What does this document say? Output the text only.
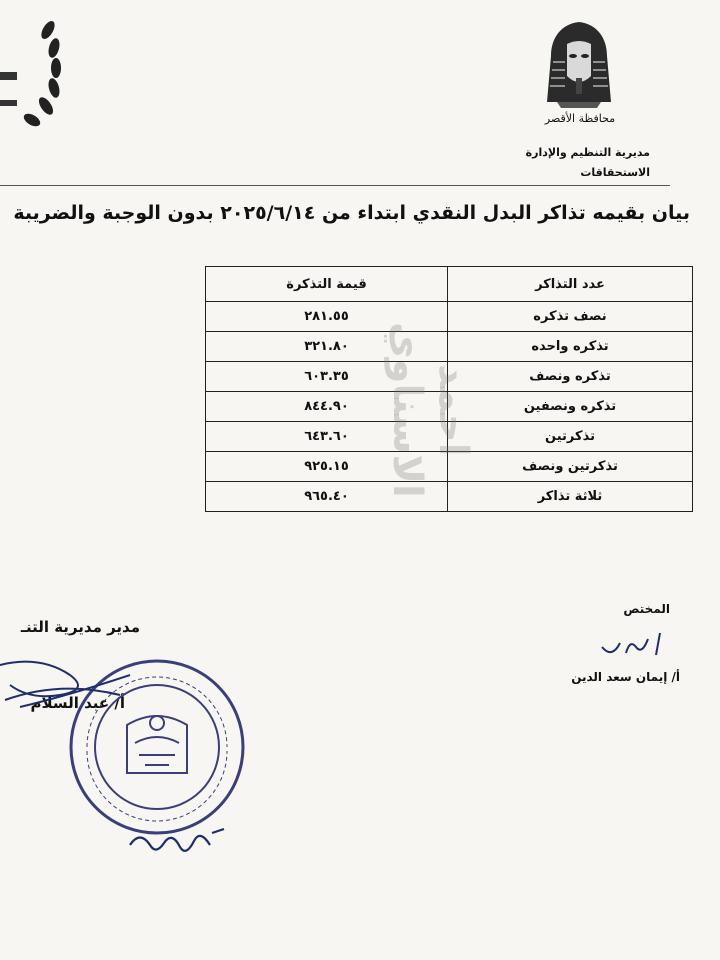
محافظة الأقصر
مديرية التنظيم والإدارة
الاستحقاقات
بيان بقيمه تذاكر البدل النقدي ابتداء من ٢٠٢٥/٦/١٤ بدون الوجبة والضريبة
عدد التذاكر	قيمة التذكرة
نصف تذكره	٢٨١.٥٥
تذكره واحده	٣٢١.٨٠
تذكره ونصف	٦٠٣.٣٥
تذكره ونصفين	٨٤٤.٩٠
تذكرتين	٦٤٣.٦٠
تذكرتين ونصف	٩٢٥.١٥
ثلاثة تذاكر	٩٦٥.٤٠
احمد الاسناوي
المختص
أ/ إيمان سعد الدين
مدير مديرية التنـ
أ/ عبد السلام
